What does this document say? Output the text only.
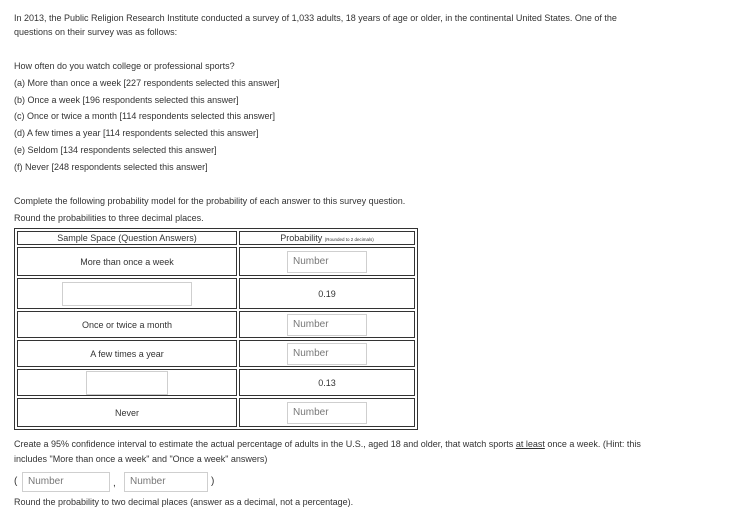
In 2013, the Public Religion Research Institute conducted a survey of 1,033 adults, 18 years of age or older, in the continental United States. One of the
questions on their survey was as follows:
How often do you watch college or professional sports?
(a) More than once a week [227 respondents selected this answer]
(b) Once a week [196 respondents selected this answer]
(c) Once or twice a month [114 respondents selected this answer]
(d) A few times a year [114 respondents selected this answer]
(e) Seldom [134 respondents selected this answer]
(f) Never [248 respondents selected this answer]
Complete the following probability model for the probability of each answer to this survey question.
Round the probabilities to three decimal places.
Sample Space (Question Answers)	Probability (Rounded to 2 decimals)
More than once a week	Number
	0.19
Once or twice a month	Number
A few times a year	Number
	0.13
Never	Number
Create a 95% confidence interval to estimate the actual percentage of adults in the U.S., aged 18 and older, that watch sports at least once a week. (Hint: this
includes "More than once a week" and "Once a week" answers)
(	Number	,	Number	)
Round the probability to two decimal places (answer as a decimal, not a percentage).
